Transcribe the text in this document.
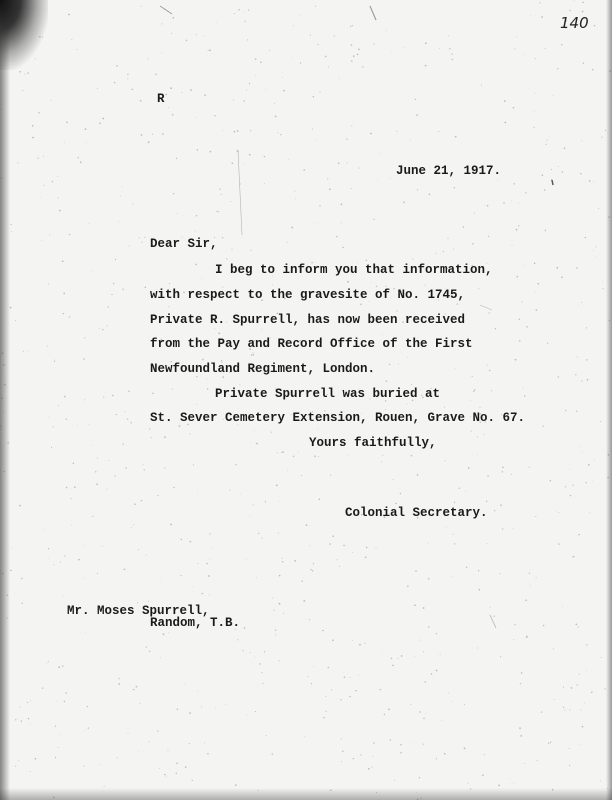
140
R
June 21, 1917.
Dear Sir,
I beg to inform you that information,
with respect to the gravesite of No. 1745,
Private R. Spurrell, has now been received
from the Pay and Record Office of the First
Newfoundland Regiment, London.
Private Spurrell was buried at
St. Sever Cemetery Extension, Rouen, Grave No. 67.
Yours faithfully,
Colonial Secretary.
Mr. Moses Spurrell,
Random, T.B.
